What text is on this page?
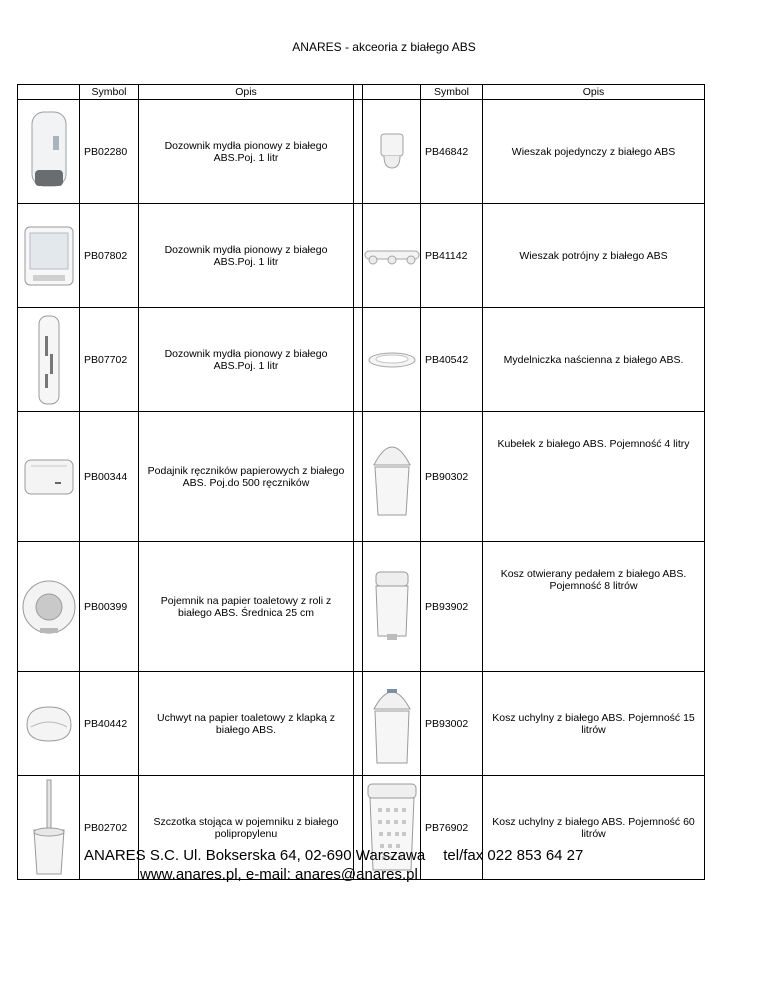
ANARES - akceoria z białego ABS
	Symbol	Opis			Symbol	Opis

	PB02280	Dozownik mydła pionowy z białego ABS.Poj. 1 litr			PB46842	Wieszak pojedynczy z białego ABS

	PB07802	Dozownik mydła pionowy z białego ABS.Poj. 1 litr			PB41142	Wieszak potrójny z białego ABS

	PB07702	Dozownik mydła pionowy z białego ABS.Poj. 1 litr			PB40542	Mydelniczka naścienna z białego ABS.

	PB00344	Podajnik ręczników papierowych z białego ABS. Poj.do 500 ręczników			PB90302	Kubełek z białego ABS. Pojemność 4 litry

	PB00399	Pojemnik na papier toaletowy z roli z białego ABS. Średnica 25 cm			PB93902	Kosz otwierany pedałem z białego ABS. Pojemność 8 litrów

	PB40442	Uchwyt na papier toaletowy z klapką z białego ABS.			PB93002	Kosz uchylny z białego ABS. Pojemność 15 litrów

	PB02702	Szczotka stojąca w pojemniku z białego polipropylenu			PB76902	Kosz uchylny z białego ABS. Pojemność 60 litrów
ANARES S.C. Ul. Bokserska 64, 02-690 Warszawa tel/fax 022 853 64 27
www.anares.pl, e-mail: anares@anares.pl
